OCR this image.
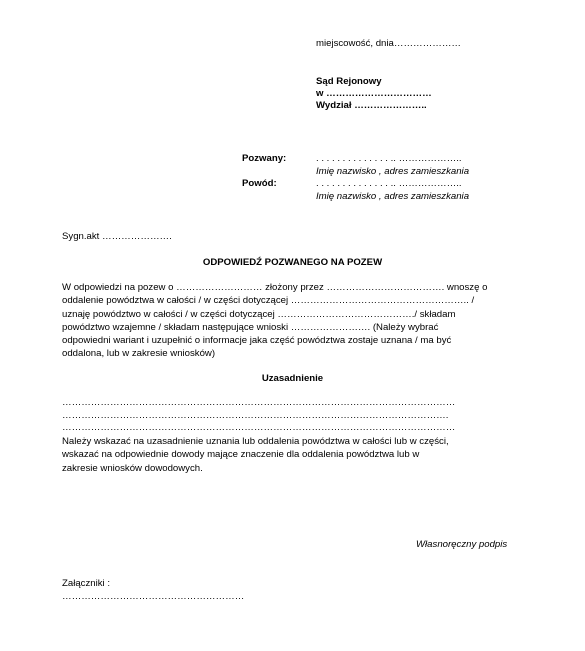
miejscowość, dnia…………………
Sąd Rejonowy
w ……………………………
Wydział …………………..
Pozwany:	. . . . . . . . . . . . . . .. ………………..
Imię nazwisko , adres zamieszkania
Powód:	. . . . . . . . . . . . . . .. ………………..
Imię nazwisko , adres zamieszkania
Sygn.akt ………………….
ODPOWIEDŹ POZWANEGO NA POZEW
W odpowiedzi na pozew o ……………………… złożony przez ………………………………. wnoszę o
oddalenie powództwa w całości / w części dotyczącej ……………………………………………….. /
uznaję powództwo w całości / w części dotyczącej ……………………………………./ składam
powództwo wzajemne / składam następujące wnioski ……………………. (Należy wybrać
odpowiedni wariant i uzupełnić o informacje jaka część powództwa zostaje uznana / ma być
oddalona, lub w zakresie wniosków)
Uzasadnienie
……………………………………………………………………………………………………………
………………………………………………………………………………………………………….
……………………………………………………………………………………………………………
Należy wskazać na uzasadnienie uznania lub oddalenia powództwa w całości lub w części,
wskazać na odpowiednie dowody mające znaczenie dla oddalenia powództwa lub w
zakresie wniosków dowodowych.
Własnoręczny podpis
Załączniki :
…………………………………………………
